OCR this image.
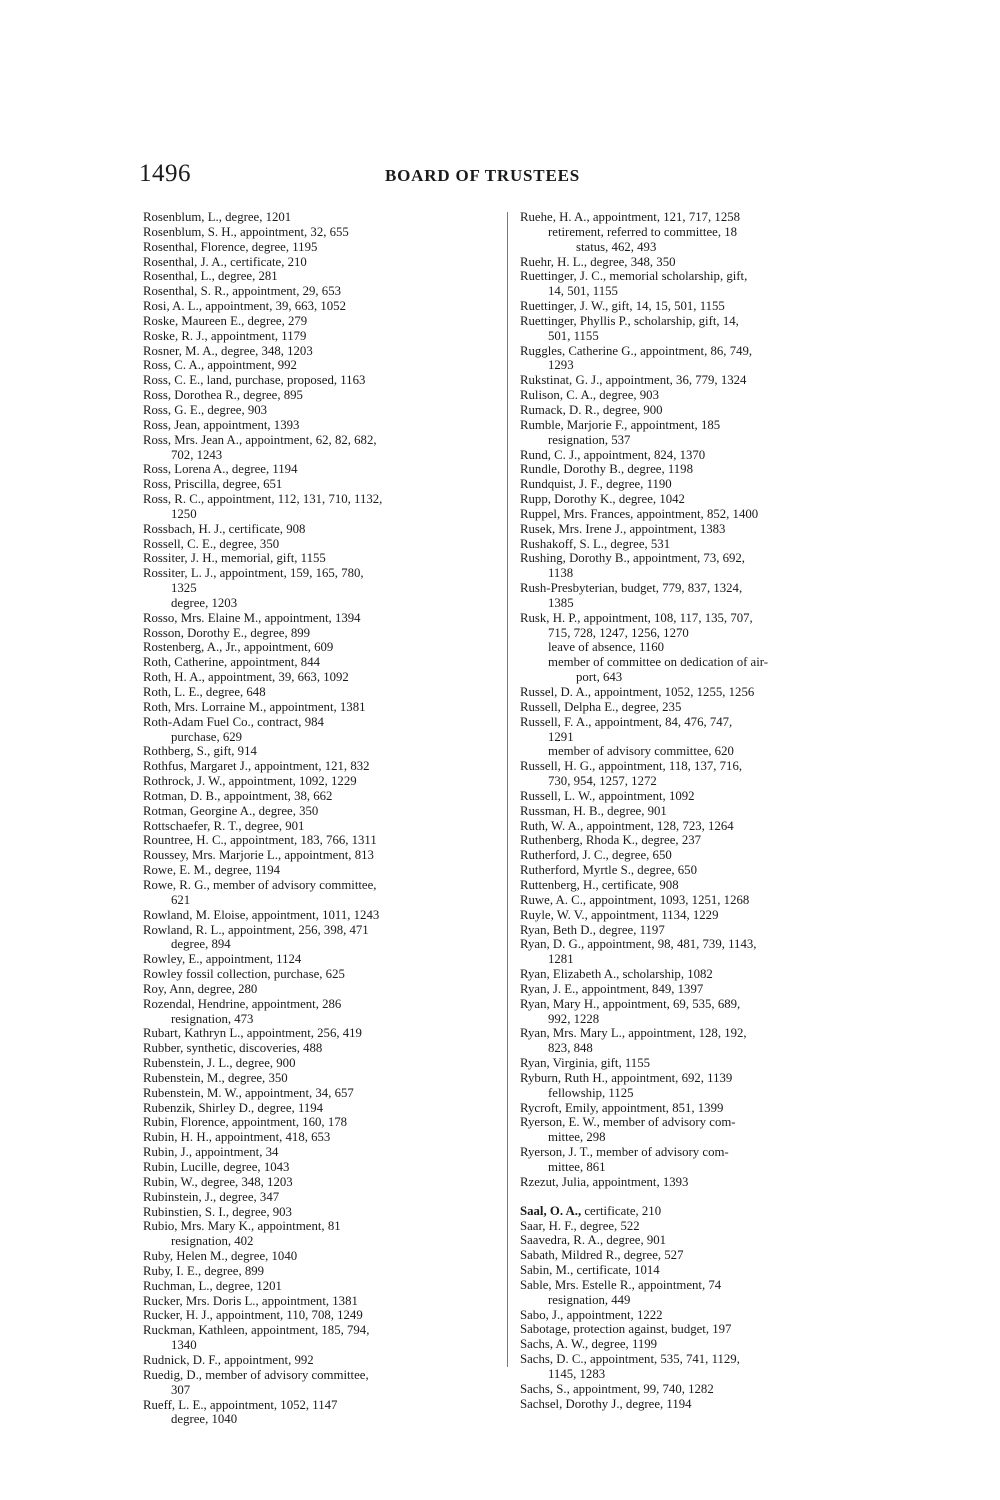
1496	BOARD OF TRUSTEES
Rosenblum, L., degree, 1201
Rosenblum, S. H., appointment, 32, 655
Rosenthal, Florence, degree, 1195
Rosenthal, J. A., certificate, 210
Rosenthal, L., degree, 281
Rosenthal, S. R., appointment, 29, 653
Rosi, A. L., appointment, 39, 663, 1052
Roske, Maureen E., degree, 279
Roske, R. J., appointment, 1179
Rosner, M. A., degree, 348, 1203
Ross, C. A., appointment, 992
Ross, C. E., land, purchase, proposed, 1163
Ross, Dorothea R., degree, 895
Ross, G. E., degree, 903
Ross, Jean, appointment, 1393
Ross, Mrs. Jean A., appointment, 62, 82, 682,
702, 1243
Ross, Lorena A., degree, 1194
Ross, Priscilla, degree, 651
Ross, R. C., appointment, 112, 131, 710, 1132,
1250
Rossbach, H. J., certificate, 908
Rossell, C. E., degree, 350
Rossiter, J. H., memorial, gift, 1155
Rossiter, L. J., appointment, 159, 165, 780,
1325
degree, 1203
Rosso, Mrs. Elaine M., appointment, 1394
Rosson, Dorothy E., degree, 899
Rostenberg, A., Jr., appointment, 609
Roth, Catherine, appointment, 844
Roth, H. A., appointment, 39, 663, 1092
Roth, L. E., degree, 648
Roth, Mrs. Lorraine M., appointment, 1381
Roth-Adam Fuel Co., contract, 984
purchase, 629
Rothberg, S., gift, 914
Rothfus, Margaret J., appointment, 121, 832
Rothrock, J. W., appointment, 1092, 1229
Rotman, D. B., appointment, 38, 662
Rotman, Georgine A., degree, 350
Rottschaefer, R. T., degree, 901
Rountree, H. C., appointment, 183, 766, 1311
Roussey, Mrs. Marjorie L., appointment, 813
Rowe, E. M., degree, 1194
Rowe, R. G., member of advisory committee,
621
Rowland, M. Eloise, appointment, 1011, 1243
Rowland, R. L., appointment, 256, 398, 471
degree, 894
Rowley, E., appointment, 1124
Rowley fossil collection, purchase, 625
Roy, Ann, degree, 280
Rozendal, Hendrine, appointment, 286
resignation, 473
Rubart, Kathryn L., appointment, 256, 419
Rubber, synthetic, discoveries, 488
Rubenstein, J. L., degree, 900
Rubenstein, M., degree, 350
Rubenstein, M. W., appointment, 34, 657
Rubenzik, Shirley D., degree, 1194
Rubin, Florence, appointment, 160, 178
Rubin, H. H., appointment, 418, 653
Rubin, J., appointment, 34
Rubin, Lucille, degree, 1043
Rubin, W., degree, 348, 1203
Rubinstein, J., degree, 347
Rubinstien, S. I., degree, 903
Rubio, Mrs. Mary K., appointment, 81
resignation, 402
Ruby, Helen M., degree, 1040
Ruby, I. E., degree, 899
Ruchman, L., degree, 1201
Rucker, Mrs. Doris L., appointment, 1381
Rucker, H. J., appointment, 110, 708, 1249
Ruckman, Kathleen, appointment, 185, 794,
1340
Rudnick, D. F., appointment, 992
Ruedig, D., member of advisory committee,
307
Rueff, L. E., appointment, 1052, 1147
degree, 1040
Ruehe, H. A., appointment, 121, 717, 1258
retirement, referred to committee, 18
status, 462, 493
Ruehr, H. L., degree, 348, 350
Ruettinger, J. C., memorial scholarship, gift,
14, 501, 1155
Ruettinger, J. W., gift, 14, 15, 501, 1155
Ruettinger, Phyllis P., scholarship, gift, 14,
501, 1155
Ruggles, Catherine G., appointment, 86, 749,
1293
Rukstinat, G. J., appointment, 36, 779, 1324
Rulison, C. A., degree, 903
Rumack, D. R., degree, 900
Rumble, Marjorie F., appointment, 185
resignation, 537
Rund, C. J., appointment, 824, 1370
Rundle, Dorothy B., degree, 1198
Rundquist, J. F., degree, 1190
Rupp, Dorothy K., degree, 1042
Ruppel, Mrs. Frances, appointment, 852, 1400
Rusek, Mrs. Irene J., appointment, 1383
Rushakoff, S. L., degree, 531
Rushing, Dorothy B., appointment, 73, 692,
1138
Rush-Presbyterian, budget, 779, 837, 1324,
1385
Rusk, H. P., appointment, 108, 117, 135, 707,
715, 728, 1247, 1256, 1270
leave of absence, 1160
member of committee on dedication of air-
port, 643
Russel, D. A., appointment, 1052, 1255, 1256
Russell, Delpha E., degree, 235
Russell, F. A., appointment, 84, 476, 747,
1291
member of advisory committee, 620
Russell, H. G., appointment, 118, 137, 716,
730, 954, 1257, 1272
Russell, L. W., appointment, 1092
Russman, H. B., degree, 901
Ruth, W. A., appointment, 128, 723, 1264
Ruthenberg, Rhoda K., degree, 237
Rutherford, J. C., degree, 650
Rutherford, Myrtle S., degree, 650
Ruttenberg, H., certificate, 908
Ruwe, A. C., appointment, 1093, 1251, 1268
Ruyle, W. V., appointment, 1134, 1229
Ryan, Beth D., degree, 1197
Ryan, D. G., appointment, 98, 481, 739, 1143,
1281
Ryan, Elizabeth A., scholarship, 1082
Ryan, J. E., appointment, 849, 1397
Ryan, Mary H., appointment, 69, 535, 689,
992, 1228
Ryan, Mrs. Mary L., appointment, 128, 192,
823, 848
Ryan, Virginia, gift, 1155
Ryburn, Ruth H., appointment, 692, 1139
fellowship, 1125
Rycroft, Emily, appointment, 851, 1399
Ryerson, E. W., member of advisory com-
mittee, 298
Ryerson, J. T., member of advisory com-
mittee, 861
Rzezut, Julia, appointment, 1393
Saal, O. A., certificate, 210
Saar, H. F., degree, 522
Saavedra, R. A., degree, 901
Sabath, Mildred R., degree, 527
Sabin, M., certificate, 1014
Sable, Mrs. Estelle R., appointment, 74
resignation, 449
Sabo, J., appointment, 1222
Sabotage, protection against, budget, 197
Sachs, A. W., degree, 1199
Sachs, D. C., appointment, 535, 741, 1129,
1145, 1283
Sachs, S., appointment, 99, 740, 1282
Sachsel, Dorothy J., degree, 1194
